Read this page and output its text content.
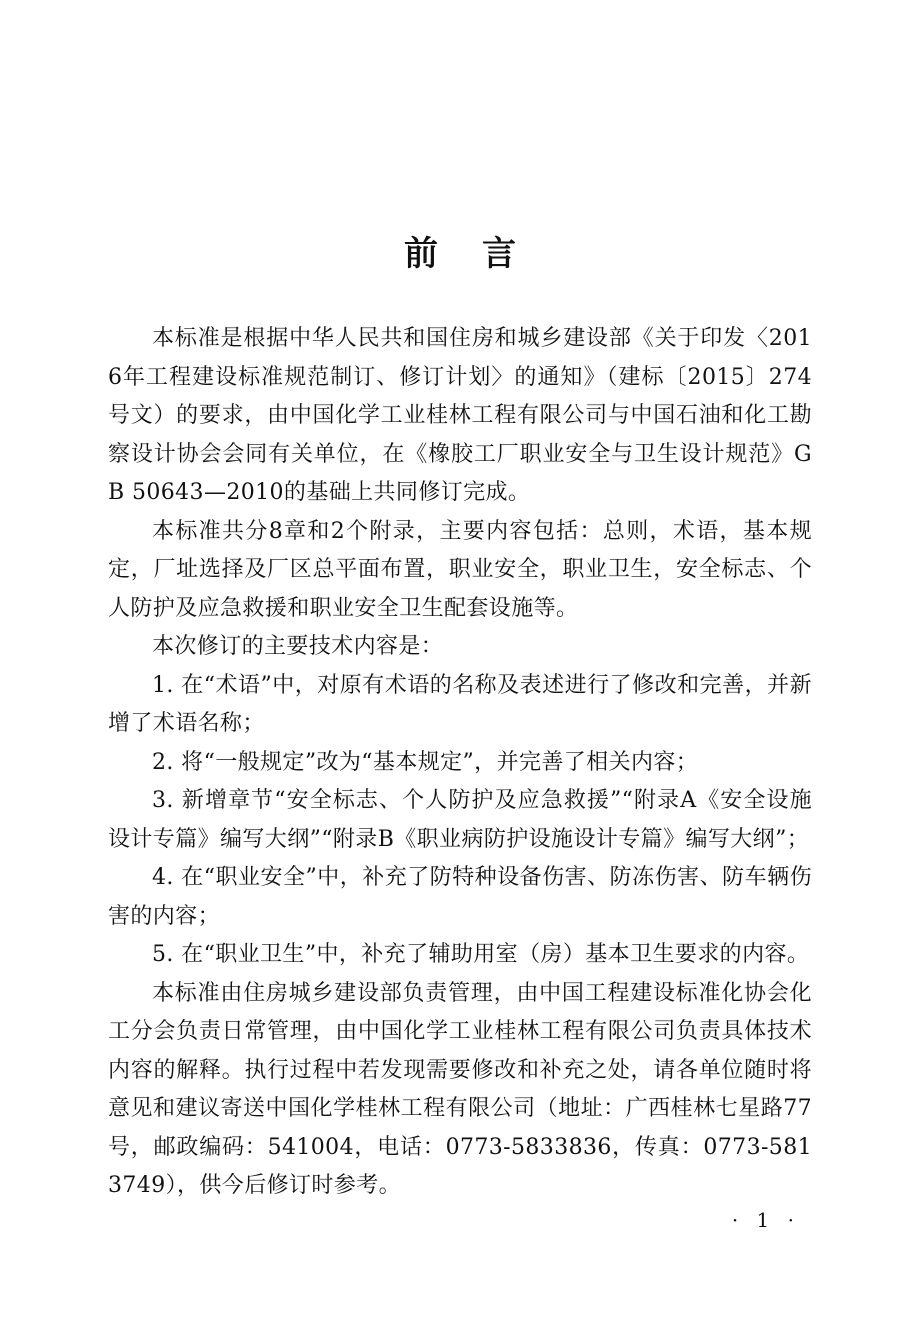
前言

本标准是根据中华人民共和国住房和城乡建设部《关于印发〈2016年工程建设标准规范制订、修订计划〉的通知》（建标〔2015〕274号文）的要求，由中国化学工业桂林工程有限公司与中国石油和化工勘察设计协会会同有关单位，在《橡胶工厂职业安全与卫生设计规范》GB 50643—2010的基础上共同修订完成。

本标准共分8章和2个附录，主要内容包括：总则，术语，基本规定，厂址选择及厂区总平面布置，职业安全，职业卫生，安全标志、个人防护及应急救援和职业安全卫生配套设施等。

本次修订的主要技术内容是：

1. 在“术语”中，对原有术语的名称及表述进行了修改和完善，并新增了术语名称；

2. 将“一般规定”改为“基本规定”，并完善了相关内容；

3. 新增章节“安全标志、个人防护及应急救援”“附录A《安全设施设计专篇》编写大纲”“附录B《职业病防护设施设计专篇》编写大纲”；

4. 在“职业安全”中，补充了防特种设备伤害、防冻伤害、防车辆伤害的内容；

5. 在“职业卫生”中，补充了辅助用室（房）基本卫生要求的内容。

本标准由住房城乡建设部负责管理，由中国工程建设标准化协会化工分会负责日常管理，由中国化学工业桂林工程有限公司负责具体技术内容的解释。执行过程中若发现需要修改和补充之处，请各单位随时将意见和建议寄送中国化学桂林工程有限公司（地址：广西桂林七星路77号，邮政编码：541004，电话：0773-5833836，传真：0773-5813749），供今后修订时参考。

· 1 ·
